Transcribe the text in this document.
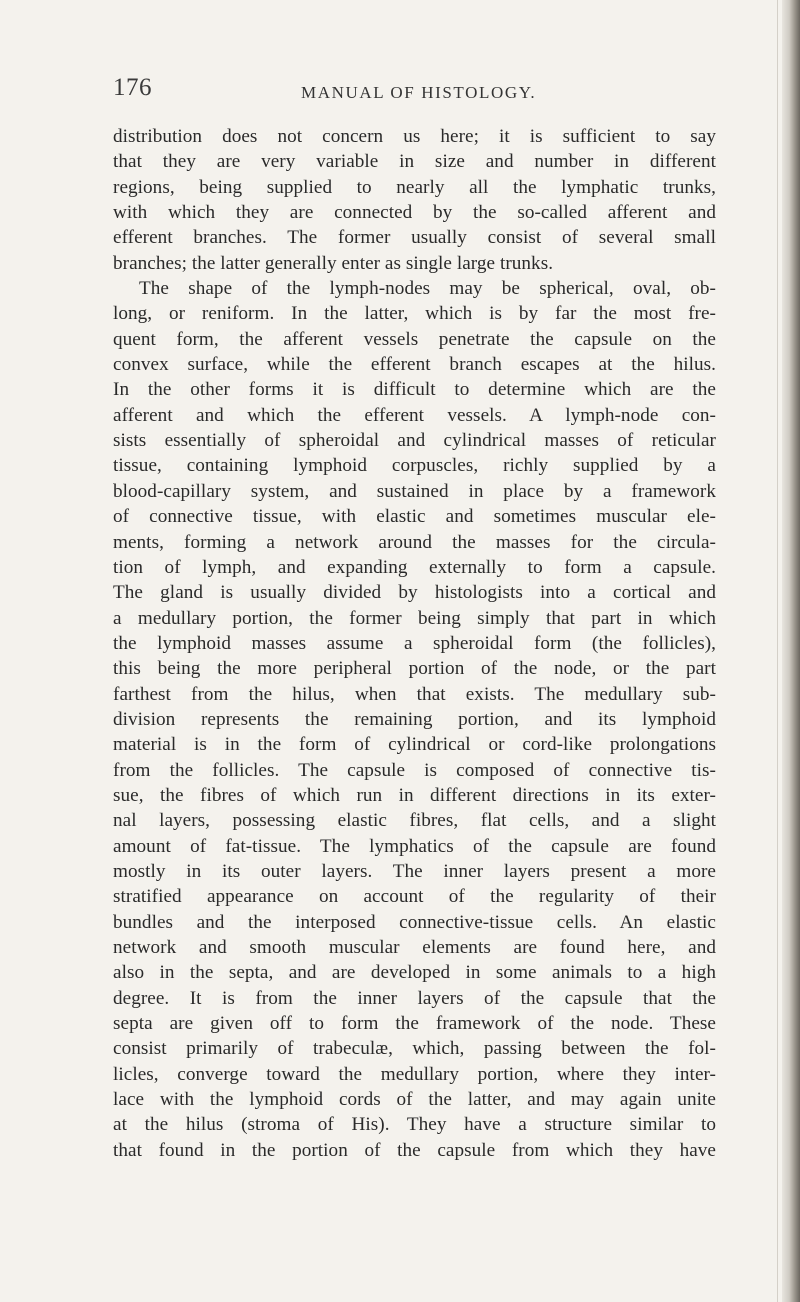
176	MANUAL OF HISTOLOGY.
distribution does not concern us here; it is sufficient to say
that they are very variable in size and number in different
regions, being supplied to nearly all the lymphatic trunks,
with which they are connected by the so-called afferent and
efferent branches. The former usually consist of several small
branches; the latter generally enter as single large trunks.
The shape of the lymph-nodes may be spherical, oval, ob-
long, or reniform. In the latter, which is by far the most fre-
quent form, the afferent vessels penetrate the capsule on the
convex surface, while the efferent branch escapes at the hilus.
In the other forms it is difficult to determine which are the
afferent and which the efferent vessels. A lymph-node con-
sists essentially of spheroidal and cylindrical masses of reticular
tissue, containing lymphoid corpuscles, richly supplied by a
blood-capillary system, and sustained in place by a framework
of connective tissue, with elastic and sometimes muscular ele-
ments, forming a network around the masses for the circula-
tion of lymph, and expanding externally to form a capsule.
The gland is usually divided by histologists into a cortical and
a medullary portion, the former being simply that part in which
the lymphoid masses assume a spheroidal form (the follicles),
this being the more peripheral portion of the node, or the part
farthest from the hilus, when that exists. The medullary sub-
division represents the remaining portion, and its lymphoid
material is in the form of cylindrical or cord-like prolongations
from the follicles. The capsule is composed of connective tis-
sue, the fibres of which run in different directions in its exter-
nal layers, possessing elastic fibres, flat cells, and a slight
amount of fat-tissue. The lymphatics of the capsule are found
mostly in its outer layers. The inner layers present a more
stratified appearance on account of the regularity of their
bundles and the interposed connective-tissue cells. An elastic
network and smooth muscular elements are found here, and
also in the septa, and are developed in some animals to a high
degree. It is from the inner layers of the capsule that the
septa are given off to form the framework of the node. These
consist primarily of trabeculæ, which, passing between the fol-
licles, converge toward the medullary portion, where they inter-
lace with the lymphoid cords of the latter, and may again unite
at the hilus (stroma of His). They have a structure similar to
that found in the portion of the capsule from which they have
